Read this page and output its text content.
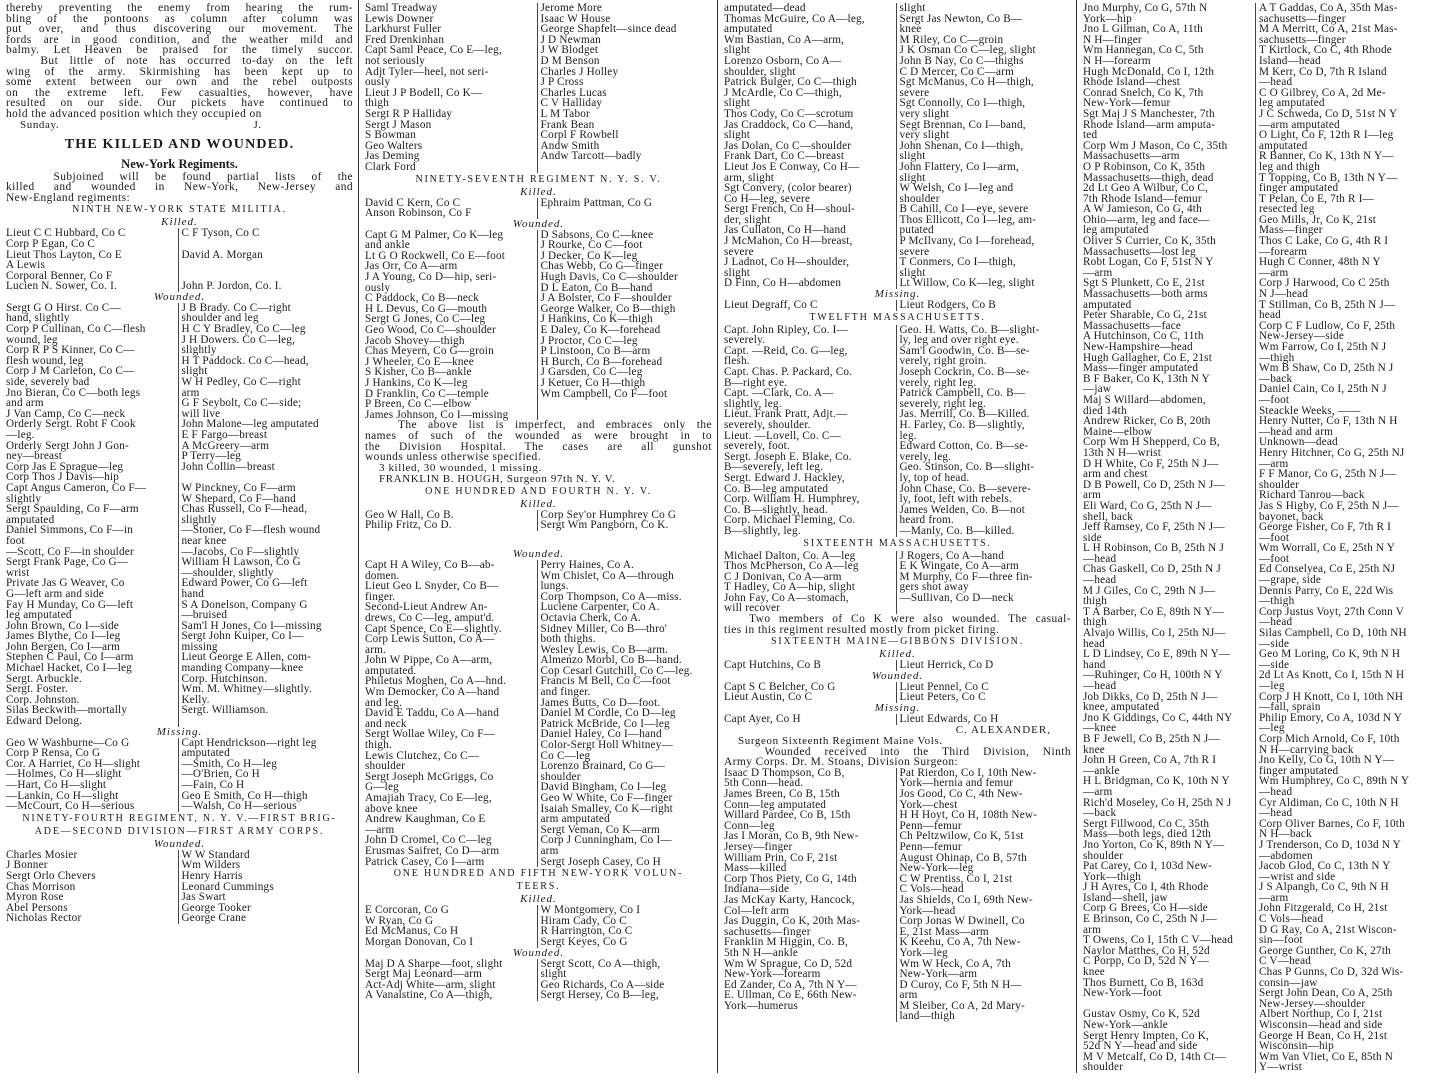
thereby preventing the enemy from hearing the rum-
bling of the pontoons as column after column was
put over, and thus discovering our movement. The
fords are in good condition, and the weather mild and
balmy. Let Heaven be praised for the timely succor.
But little of note has occurred to-day on the left
wing of the army. Skirmishing has been kept up to
some extent between our own and the rebel outposts
on the extreme left. Few casualties, however, have
resulted on our side. Our pickets have continued to
hold the advanced position which they occupied on
Sunday.                                                          J.
THE KILLED AND WOUNDED.
New-York Regiments.
Subjoined will be found partial lists of the
killed and wounded in New-York, New-Jersey and
New-England regiments:
NINTH NEW-YORK STATE MILITIA.
Killed.
Lieut C C Hubbard, Co C	C F Tyson, Co C
Corp P Egan, Co C
Lieut Thos Layton, Co E	David A. Morgan
A Lewis
Corporal Benner, Co F
Lucien N. Sower, Co. I.	John P. Jordon, Co. I.
Wounded.
Sergt G O Hirst. Co C—	J B Brady. Co C—right
hand, slightly	shoulder and leg
Corp P Cullinan, Co C—flesh	H C Y Bradley, Co C—leg
wound, leg	J H Dowers. Co C—leg,
Corp R P S Kinner, Co C—	slightly
flesh wound, leg	H T Paddock. Co C—head,
Corp J M Carleton, Co C—	slight
side, severely bad	W H Pedley, Co C—right
Jno Bieran, Co C—both legs	arm
and arm	G F Seybolt, Co C—side;
J Van Camp, Co C—neck	will live
Orderly Sergt. Robt F Cook	John Malone—leg amputated
—leg.	E F Fargo—breast
Orderly Sergt John J Gon-	A McGreery—arm
ney—breast	P Terry—leg
Corp Jas E Sprague—leg	John Collin—breast
Corp Thos J Davis—hip
Capt Angus Cameron, Co F—	W Pinckney, Co F—arm
slightly	W Shepard, Co F—hand
Sergt Spaulding, Co F—arm	Chas Russell, Co F—head,
amputated	slightly
Daniel Simmons, Co F—in	—Stoner, Co F—flesh wound
foot	near knee
—Scott, Co F—in shoulder	—Jacobs, Co F—slightly
Sergt Frank Page, Co G—	William H Lawson, Co G
wrist	—shoulder, slightly
Private Jas G Weaver, Co	Edward Power, Co G—left
G—left arm and side	hand
Fay H Munday, Co G—left	S A Donelson, Company G
leg amputated	—bruised
John Brown, Co I—side	Sam'l H Jones, Co I—missing
James Blythe, Co I—leg	Sergt John Kuiper, Co I—
John Bergen, Co I—arm	missing
Stephen C Paul, Co I—arm	Lieut George E Allen, com-
Michael Hacket, Co I—leg	manding Company—knee
Sergt. Arbuckle.	Corp. Hutchinson.
Sergt. Foster.	Wm. M. Whitney—slightly.
Corp. Johnston.	Kelly.
Silas Beckwith—mortally	Sergt. Williamson.
Edward Delong.
Missing.
Geo W Washburne—Co G	Capt Hendrickson—right leg
Corp P Rensa, Co G	amputated
Cor. A Harriet, Co H—slight	—Smith, Co H—leg
—Holmes, Co H—slight	—O'Brien, Co H
—Hart, Co H—slight	—Fain, Co H
—Lankin, Co H—slight	Geo E Smith, Co H—thigh
—McCourt, Co H—serious	—Walsh, Co H—serious
NINETY-FOURTH REGIMENT, N. Y. V.—FIRST BRIG-
ADE—SECOND DIVISION—FIRST ARMY CORPS.
Wounded.
Charles Mosier	W W Standard
J Bonner	Wm Wilders
Sergt Orlo Chevers	Henry Harris
Chas Morrison	Leonard Cummings
Myron Rose	Jas Swart
Abel Persons	George Tooker
Nicholas Rector	George Crane
Saml Treadway	Jerome More
Lewis Downer	Isaac W House
Larkhurst Fuller	George Shapfelt—since dead
Fred Drenkinhan	J D Newman
Capt Saml Peace, Co E—leg,	J W Blodget
not seriously	D M Benson
Adjt Tyler—heel, not seri-	Charles J Holley
ously	J P Cross
Lieut J P Bodell, Co K—	Charles Lucas
thigh	C V Halliday
Sergt R P Halliday	L M Tabor
Sergt J Mason	Frank Bean
S Bowman	Corpl F Rowbell
Geo Walters	Andw Smith
Jas Deming	Andw Tarcott—badly
Clark Ford
NINETY-SEVENTH REGIMENT N. Y. S. V.
Killed.
David C Kern, Co C	Ephraim Pattman, Co G
Anson Robinson, Co F
Wounded.
Capt G M Palmer, Co K—leg	D Sabsons, Co C—knee
and ankle	J Rourke, Co C—foot
Lt G O Rockwell, Co E—foot	J Decker, Co K—leg
Jas Orr, Co A—arm	Chas Webb, Co G—finger
J A Young, Co D—hip, seri-	Hugh Davis, Co C—shoulder
ously	D L Eaton, Co B—hand
C Paddock, Co B—neck	J A Bolster, Co F—shoulder
H L Devus, Co G—mouth	George Walker, Co B—thigh
Sergt G Jones, Co C—leg	J Hankins, Co K—thigh
Geo Wood, Co C—shoulder	E Daley, Co K—forehead
Jacob Shovey—thigh	J Proctor, Co C—leg
Chas Meyern, Co G—groin	P Linstoon, Co B—arm
J Wheeler, Co E—knee	H Burch, Co B—forehead
S Kisher, Co B—ankle	J Garsden, Co C—leg
J Hankins, Co K—leg	J Ketuer, Co H—thigh
D Franklin, Co C—temple	Wm Campbell, Co F—foot
P Breen, Co C—elbow
James Johnson, Co I—missing
The above list is imperfect, and embraces only the
names of such of the wounded as were brought in to
the Division Hospital. The cases are all gunshot
wounds unless otherwise specified.
3 killed, 30 wounded, 1 missing.
FRANKLIN B. HOUGH, Surgeon 97th N. Y. V.
ONE HUNDRED AND FOURTH N. Y. V.
Killed.
Geo W Hall, Co B.	Corp Sey'or Humphrey Co G
Philip Fritz, Co D.	Sergt Wm Pangborn, Co K.
Wounded.
Capt H A Wiley, Co B—ab-	Perry Haines, Co A.
domen.	Wm Chislet, Co A—through
Lieut Geo L Snyder, Co B—	lungs.
finger.	Corp Thompson, Co A—miss.
Second-Lieut Andrew An-	Luciene Carpenter, Co A.
drews, Co C—leg, amput'd.	Octavia Cherk, Co A.
Capt Spence, Co E—slightly.	Sidney Miller, Co B—thro'
Corp Lewis Sutton, Co A—	both thighs.
arm.	Wesley Lewis, Co B—arm.
John W Pippe, Co A—arm,	Almenzo Morbl, Co B—hand.
amputated.	Cop Cesarl Gutchill, Co C—leg.
Philetus Moghen, Co A—hnd.	Francis M Bell, Co C—foot
Wm Democker, Co A—hand	and finger.
and leg.	James Butts, Co D—foot.
David E Taddu, Co A—hand	Daniel M Cordle, Co D—leg
and neck	Patrick McBride, Co I—leg
Sergt Wollae Wiley, Co F—	Daniel Haley, Co I—hand
thigh.	Color-Sergt Holl Whitney—
Lewis Clutchez, Co C—	Co C—leg
shoulder	Lorenzo Brainard, Co G—
Sergt Joseph McGriggs, Co	shoulder
G—leg	David Bingham, Co I—leg
Amajiah Tracy, Co E—leg,	Geo W White, Co F—finger
above knee	Isaiah Smalley, Co K—right
Andrew Kaughman, Co E	arm amputated
—arm	Sergt Veman, Co K—arm
John D Cromel, Co C—leg	Corp J Cunningham, Co I—
Erusmas Saifret, Co D—arm	arm
Patrick Casey, Co I—arm	Sergt Joseph Casey, Co H
ONE HUNDRED AND FIFTH NEW-YORK VOLUN-
TEERS.
Killed.
E Corcoran, Co G	W Montgomery, Co I
W Ryan, Co G	Hiram Cady, Co C
Ed McManus, Co H	R Harrington, Co C
Morgan Donovan, Co I	Sergt Keyes, Co G
Wounded.
Maj D A Sharpe—foot, slight	Sergt Scott, Co A—thigh,
Sergt Maj Leonard—arm	slight
Act-Adj White—arm, slight	Geo Richards, Co A—side
A Vanalstine, Co A—thigh,	Sergt Hersey, Co B—leg,
amputated—dead	slight
Thomas McGuire, Co A—leg,	Sergt Jas Newton, Co B—
amputated	knee
Wm Bastian, Co A—arm,	M Riley, Co C—groin
slight	J K Osman Co C—leg, slight
Lorenzo Osborn, Co A—	John B Nay, Co C—thighs
shoulder, slight	C D Mercer, Co C—arm
Patrick Bulger, Co C—thigh	Sgt McManus, Co H—thigh,
J McArdle, Co C—thigh,	severe
slight	Sgt Connolly, Co I—thigh,
Thos Cody, Co C—scrotum	very slight
Jas Craddock, Co C—hand,	Segt Brennan, Co I—band,
slight	very slight
Jas Dolan, Co C—shoulder	John Shenan, Co I—thigh,
Frank Dart, Co C—breast	slight
Lieut Jos E Conway, Co H—	John Flattery, Co I—arm,
arm, slight	slight
Sgt Convery, (color bearer)	W Welsh, Co I—leg and
Co H—leg, severe	shoulder
Sergt French, Co H—shoul-	B Cahill, Co I—eye, severe
der, slight	Thos Ellicott, Co I—leg, am-
Jas Cullaton, Co H—hand	putated
J McMahon, Co H—breast,	P McIlvany, Co I—forehead,
severe	severe
J Ladnot, Co H—shoulder,	T Conmers, Co I—thigh,
slight	slight
D Finn, Co H—abdomen	Lt Willow, Co K—leg, slight
Missing.
Lieut Degraff, Co C	Lieut Rodgers, Co B
TWELFTH MASSACHUSETTS.
Capt. John Ripley, Co. I—	Geo. H. Watts, Co. B—slight-
severely.	ly, leg and over right eye.
Capt. —Reid, Co. G—leg,	Sam'l Goodwin, Co. B—se-
flesh.	verely, right groin.
Capt. Chas. P. Packard, Co.	Joseph Cockrin, Co. B—se-
B—right eye.	verely, right leg.
Capt. —Clark, Co. A—	Patrick Campbell, Co. B—
slightly, leg.	severely, right leg.
Lieut. Frank Pratt, Adjt.—	Jas. Merrill, Co. B—Killed.
severely, shoulder.	H. Farley, Co. B—slightly,
Lieut. —Lovell, Co. C—	leg.
severely, foot.	Edward Cotton, Co. B—se-
Sergt. Joseph E. Blake, Co.	verely, leg.
B—severely, left leg.	Geo. Stinson, Co. B—slight-
Sergt. Edward J. Hackley,	ly, top of head.
Co. B—leg amputated	John Chase, Co. B—severe-
Corp. William H. Humphrey,	ly, foot, left with rebels.
Co. B—slightly, head.	James Welden, Co. B—not
Corp. Michael Fleming, Co.	heard from.
B—slightly, leg.	—Manly, Co. B—killed.
SIXTEENTH MASSACHUSETTS.
Michael Dalton, Co. A—leg	J Rogers, Co A—hand
Thos McPherson, Co A—leg	E K Wingate, Co A—arm
C J Donivan, Co A—arm	M Murphy, Co F—three fin-
T Hadley, Co A—hip, slight	gers shot away
John Fay, Co A—stomach,	—Sullivan, Co D—neck
will recover
Two members of Co K were also wounded. The casual-
ties in this regiment resulted mostly from picket firing.
SIXTEENTH MAINE—GIBBONS DIVISION.
Killed.
Capt Hutchins, Co B	Lieut Herrick, Co D
Wounded.
Capt S C Belcher, Co G	Lieut Pennel, Co C
Lieut Austin, Co C	Lieut Peters, Co C
Missing.
Capt Ayer, Co H	Lieut Edwards, Co H
C. ALEXANDER,
Surgeon Sixteenth Regiment Maine Vols.
Wounded received into the Third Division, Ninth
Army Corps. Dr. M. Stoans, Division Surgeon:
Isaac D Thompson, Co B,	Pat Rierdon, Co I, 10th New-
5th Conn—head.	York—hernia and femur
James Breen, Co B, 15th	Jos Good, Co C, 4th New-
Conn—leg amputated	York—chest
Willard Pardee, Co B, 15th	H H Hoyt, Co H, 108th New-
Conn—leg	Penn—femur
Jas I Moran, Co B, 9th New-	Ch Peltzwilow, Co K, 51st
Jersey—finger	Penn—femur
William Prin, Co F, 21st	August Ohinap, Co B, 57th
Mass—killed	New-York—leg
Corp Thos Piety, Co G, 14th	C W Prentiss, Co I, 21st
Indiana—side	C Vols—head
Jas McKay Karty, Hancock,	Jas Shields, Co I, 69th New-
Col—left arm	York—head
Jas Duggin, Co K, 20th Mas-	Corp Jonas W Dwinell, Co
sachusetts—finger	E, 21st Mass—arm
Franklin M Higgin, Co. B,	K Keehu, Co A, 7th New-
5th N H—ankle	York—leg
Wm W Sprague, Co D, 52d	Wm W Heck, Co A, 7th
New-York—forearm	New-York—arm
Ed Zander, Co A, 7th N Y—	D Curoy, Co F, 5th N H—
E. Ullman, Co E, 66th New-	arm
York—humerus	M Sleiber, Co A, 2d Mary-
land—thigh
Jno Murphy, Co G, 57th N	A T Gaddas, Co A, 35th Mas-
York—hip	sachusetts—finger
Jno L Gilman, Co A, 11th	M A Merritt, Co A, 21st Mas-
N H—finger	sachusetts—finger
Wm Hannegan, Co C, 5th	T Kirtlock, Co C, 4th Rhode
N H—forearm	Island—head
Hugh McDonald, Co I, 12th	M Kerr, Co D, 7th R Island
Rhode Island—chest	—head
Conrad Snelch, Co K, 7th	C O Gilbrey, Co A, 2d Me-
New-York—femur	leg amputated
Sgt Maj J S Manchester, 7th	J C Schweda, Co D, 51st N Y
Rhode Island—arm amputa-	—arm amputated
ted	O Light, Co F, 12th R I—leg
Corp Wm J Mason, Co C, 35th	amputated
Massachusetts—arm	R Banner, Co K, 13th N Y—
O P Robinson, Co K, 35th	leg and thigh
Massachusetts—thigh, dead	T Topping, Co B, 13th N Y—
2d Lt Geo A Wilbur, Co C,	finger amputated
7th Rhode Island—femur	T Pelan, Co E, 7th R I—
A W Jamieson, Co G, 4th	resected leg
Ohio—arm, leg and face—	Geo Mills, Jr, Co K, 21st
leg amputated	Mass—finger
Oliver S Currier, Co K, 35th	Thos C Lake, Co G, 4th R I
Massachusetts—lost leg	—forearm
Robt Logan, Co F, 51st N Y	Hugh C Conner, 48th N Y
—arm	—arm
Sgt S Plunkett, Co E, 21st	Corp J Harwood, Co C 25th
Massachusetts—both arms	N J—head
amputated	T Stillman, Co B, 25th N J—
Peter Sharable, Co G, 21st	head
Massachusetts—face	Corp C F Ludlow, Co F, 25th
A Hutchinson, Co C, 11th	New-Jersey—side
New-Hampshire—head	Wm Farrow, Co I, 25th N J
Hugh Gallagher, Co E, 21st	—thigh
Mass—finger amputated	Wm B Shaw, Co D, 25th N J
B F Baker, Co K, 13th N Y	—back
—jaw	Daniel Cain, Co I, 25th N J
Maj S Willard—abdomen,	—foot
died 14th	Steackle Weeks, ——
Andrew Ricker, Co B, 20th	Henry Nutter, Co F, 13th N H
Maine—elbow	—head and arm
Corp Wm H Shepperd, Co B,	Unknown—dead
13th N H—wrist	Henry Hitchner, Co G, 25th NJ
D H White, Co F, 25th N J—	—arm
arm and chest	F F Manor, Co G, 25th N J—
D B Powell, Co D, 25th N J—	shoulder
arm	Richard Tanrou—back
Eli Ward, Co G, 25th N J—	Jas S Higby, Co F, 25th N J—
shell, back	bayonet, back
Jeff Ramsey, Co F, 25th N J—	George Fisher, Co F, 7th R I
side	—foot
L H Robinson, Co B, 25th N J	Wm Worrall, Co E, 25th N Y
—head	—foot
Chas Gaskell, Co D, 25th N J	Ed Conselyea, Co E, 25th NJ
—head	—grape, side
M J Giles, Co C, 29th N J—	Dennis Parry, Co E, 22d Wis
thigh	—thigh
T A Barber, Co E, 89th N Y—	Corp Justus Voyt, 27th Conn V
thigh	—head
Alvajo Willis, Co I, 25th NJ—	Silas Campbell, Co D, 10th NH
head	—side
L D Lindsey, Co E, 89th N Y—	Geo M Loring, Co K, 9th N H
hand	—side
—Ruhinger, Co H, 100th N Y	2d Lt As Knott, Co I, 15th N H
—head	—leg
Job Dikks, Co D, 25th N J—	Corp J H Knott, Co I, 10th NH
knee, amputated	—fall, sprain
Jno K Giddings, Co C, 44th NY	Philip Emory, Co A, 103d N Y
—knee	—leg
B F Jewell, Co B, 25th N J—	Corp Mich Arnold, Co F, 10th
knee	N H—carrying back
John H Green, Co A, 7th R I	Jno Kelly, Co G, 10th N Y—
—ankle	finger amputated
H L Bridgman, Co K, 10th N Y	Wm Humphrey, Co C, 89th N Y
—arm	—head
Rich'd Moseley, Co H, 25th N J	Cyr Aldiman, Co C, 10th N H
—back	—head
Sergt Fillwood, Co C, 35th	Corp Oliver Barnes, Co F, 10th
Mass—both legs, died 12th	N H—back
Jno Yorton, Co K, 89th N Y—	J Trenderson, Co D, 103d N Y
shoulder	—abdomen
Pat Carey, Co I, 103d New-	Jacob Glod, Co C, 13th N Y
York—thigh	—wrist and side
J H Ayres, Co I, 4th Rhode	J S Alpangh, Co C, 9th N H
Island—shell, jaw	—arm
Corp G Brees, Co H—side	John Fitzgerald, Co H, 21st
E Brinson, Co C, 25th N J—	C Vols—head
arm	D G Ray, Co A, 21st Wiscon-
T Owens, Co I, 15th C V—head	sin—foot
Naylor Matthes, Co H, 52d	George Gunther, Co K, 27th
C Porpp, Co D, 52d N Y—	C V—head
knee	Chas P Gunns, Co D, 32d Wis-
Thos Burnett, Co B, 163d	consin—jaw
New-York—foot	Sergt John Dean, Co A, 25th
New-Jersey—shoulder
Gustav Osmy, Co K, 52d	Albert Northup, Co I, 21st
New-York—ankle	Wisconsin—head and side
Sergt Henry Impten, Co K,	George H Bean, Co H, 21st
52d N Y—head and side	Wisconsin—hip
M V Metcalf, Co D, 14th Ct—	Wm Van Vliet, Co E, 85th N
shoulder	Y—wrist
